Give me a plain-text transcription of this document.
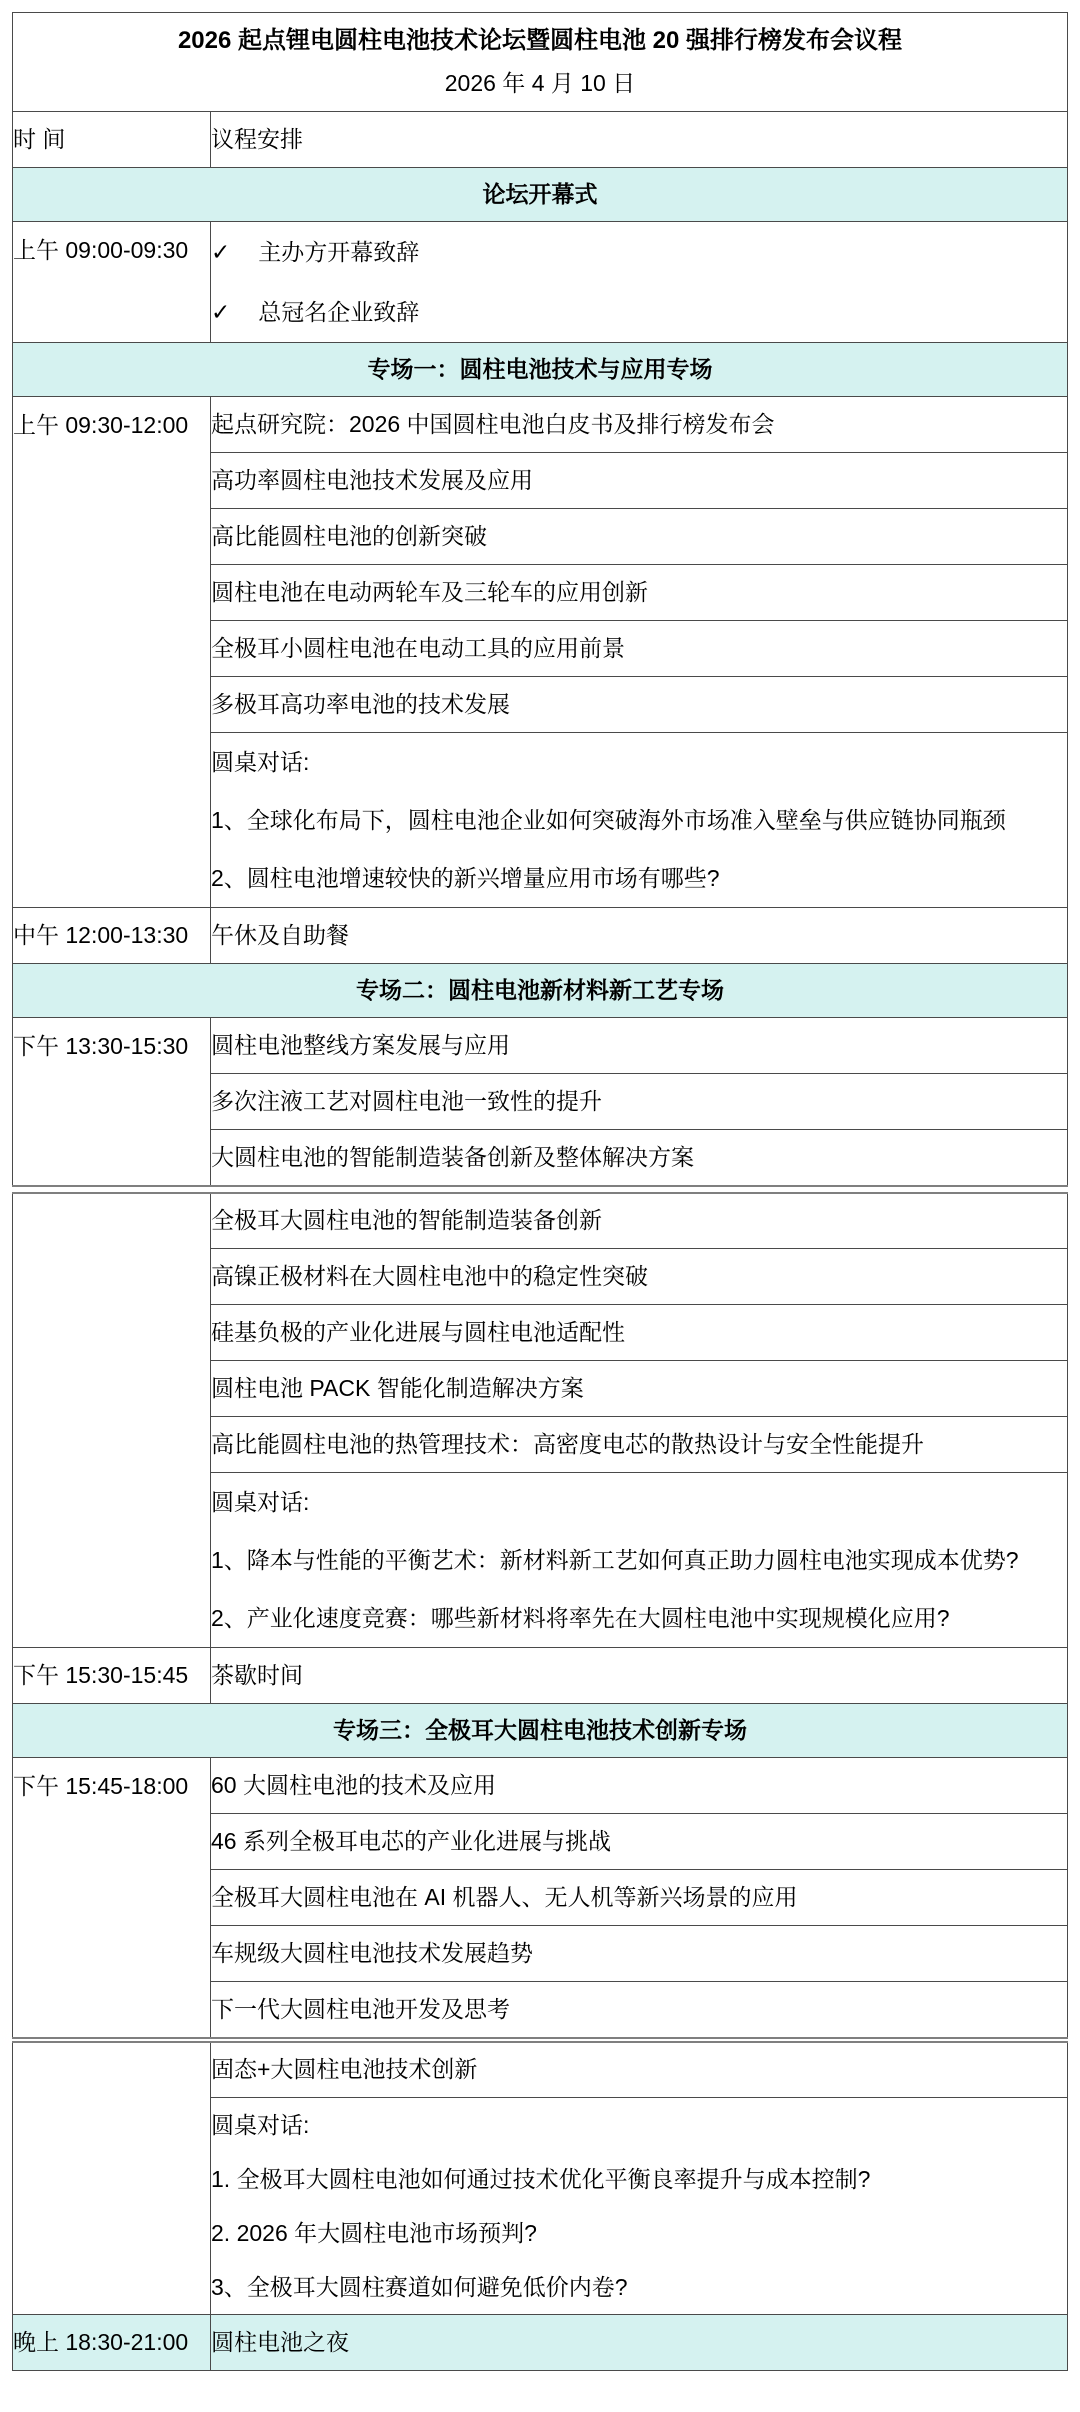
2026 起点锂电圆柱电池技术论坛暨圆柱电池 20 强排行榜发布会议程
2026 年 4 月 10 日	

时 间	议程安排
论坛开幕式	
上午 09:00-09:30	✓ 主办方开幕致辞

✓ 总冠名企业致辞

专场一：圆柱电池技术与应用专场	
上午 09:30-12:00	起点研究院：2026 中国圆柱电池白皮书及排行榜发布会
	高功率圆柱电池技术发展及应用
	高比能圆柱电池的创新突破
	圆柱电池在电动两轮车及三轮车的应用创新
	全极耳小圆柱电池在电动工具的应用前景
	多极耳高功率电池的技术发展

圆桌对话:

1、全球化布局下，圆柱电池企业如何突破海外市场准入壁垒与供应链协同瓶颈

2、圆柱电池增速较快的新兴增量应用市场有哪些?

中午 12:00-13:30	午休及自助餐
专场二：圆柱电池新材料新工艺专场	
下午 13:30-15:30	圆柱电池整线方案发展与应用
	多次注液工艺对圆柱电池一致性的提升
	大圆柱电池的智能制造装备创新及整体解决方案
	全极耳大圆柱电池的智能制造装备创新
	高镍正极材料在大圆柱电池中的稳定性突破
	硅基负极的产业化进展与圆柱电池适配性
	圆柱电池 PACK 智能化制造解决方案
	高比能圆柱电池的热管理技术：高密度电芯的散热设计与安全性能提升

圆桌对话:

1、降本与性能的平衡艺术：新材料新工艺如何真正助力圆柱电池实现成本优势?

2、产业化速度竞赛：哪些新材料将率先在大圆柱电池中实现规模化应用?

下午 15:30-15:45	茶歇时间
专场三：全极耳大圆柱电池技术创新专场	
下午 15:45-18:00	60 大圆柱电池的技术及应用
	46 系列全极耳电芯的产业化进展与挑战
	全极耳大圆柱电池在 AI 机器人、无人机等新兴场景的应用
	车规级大圆柱电池技术发展趋势
	下一代大圆柱电池开发及思考
	固态+大圆柱电池技术创新

圆桌对话:

1. 全极耳大圆柱电池如何通过技术优化平衡良率提升与成本控制?

2. 2026 年大圆柱电池市场预判?

3、全极耳大圆柱赛道如何避免低价内卷?

晚上 18:30-21:00	圆柱电池之夜
